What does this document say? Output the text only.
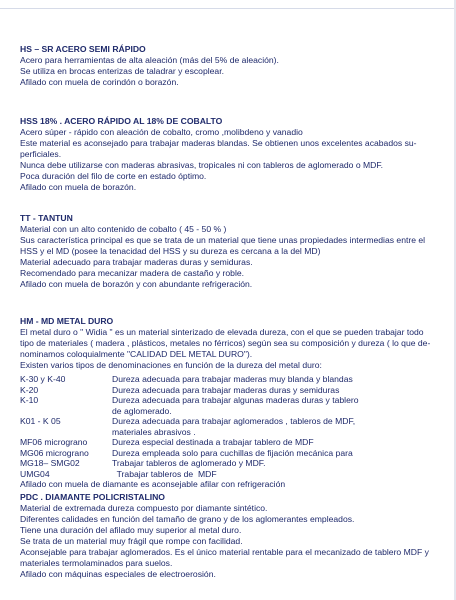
HS – SR ACERO SEMI RÁPIDO
Acero para herramientas de alta aleación (más del 5% de aleación).
Se utiliza en brocas enterizas de taladrar y escoplear.
Afilado con muela de corindón o borazón.
HSS 18% . ACERO RÁPIDO AL 18% DE COBALTO
Acero súper - rápido con aleación de cobalto, cromo ,molibdeno y vanadio
Este material es aconsejado para trabajar maderas blandas. Se obtienen unos excelentes acabados su-
perficiales.
Nunca debe utilizarse con maderas abrasivas, tropicales ni con tableros de aglomerado o MDF.
Poca duración del filo de corte en estado óptimo.
Afilado con muela de borazón.
TT - TANTUN
Material con un alto contenido de cobalto ( 45 - 50 % )
Sus característica principal es que se trata de un material que tiene unas propiedades intermedias entre el
HSS y el MD (posee la tenacidad del HSS y su dureza es cercana a la del MD)
Material adecuado para trabajar maderas duras y semiduras.
Recomendado para mecanizar madera de castaño y roble.
Afilado con muela de borazón y con abundante refrigeración.
HM - MD METAL DURO
El metal duro o " Widia " es un material sinterizado de elevada dureza, con el que se pueden trabajar todo
tipo de materiales ( madera , plásticos, metales no férricos) según sea su composición y dureza ( lo que de-
nominamos coloquialmente "CALIDAD DEL METAL DURO").
Existen varios tipos de denominaciones en función de la dureza del metal duro:
K-30 y K-40	Dureza adecuada para trabajar maderas muy blanda y blandas
K-20	Dureza adecuada para trabajar maderas duras y semiduras
K-10	Dureza adecuada para trabajar algunas maderas duras y tablero
de aglomerado.

K01 - K 05	Dureza adecuada para trabajar aglomerados , tableros de MDF,
materiales abrasivos .

MF06 micrograno	Dureza especial destinada a trabajar tablero de MDF
MG06 micrograno	Dureza empleada solo para cuchillas de fijación mecánica para
MG18– SMG02	Trabajar tableros de aglomerado y MDF.
UMG04	Trabajar tableros de  MDF
Afilado con muela de diamante es aconsejable afilar con refrigeración
PDC . DIAMANTE POLICRISTALINO
Material de extremada dureza compuesto por diamante sintético.
Diferentes calidades en función del tamaño de grano y de los aglomerantes empleados.
Tiene una duración del afilado muy superior al metal duro.
Se trata de un material muy frágil que rompe con facilidad.
Aconsejable para trabajar aglomerados. Es el único material rentable para el mecanizado de tablero MDF y
materiales termolaminados para suelos.
Afilado con máquinas especiales de electroerosión.
